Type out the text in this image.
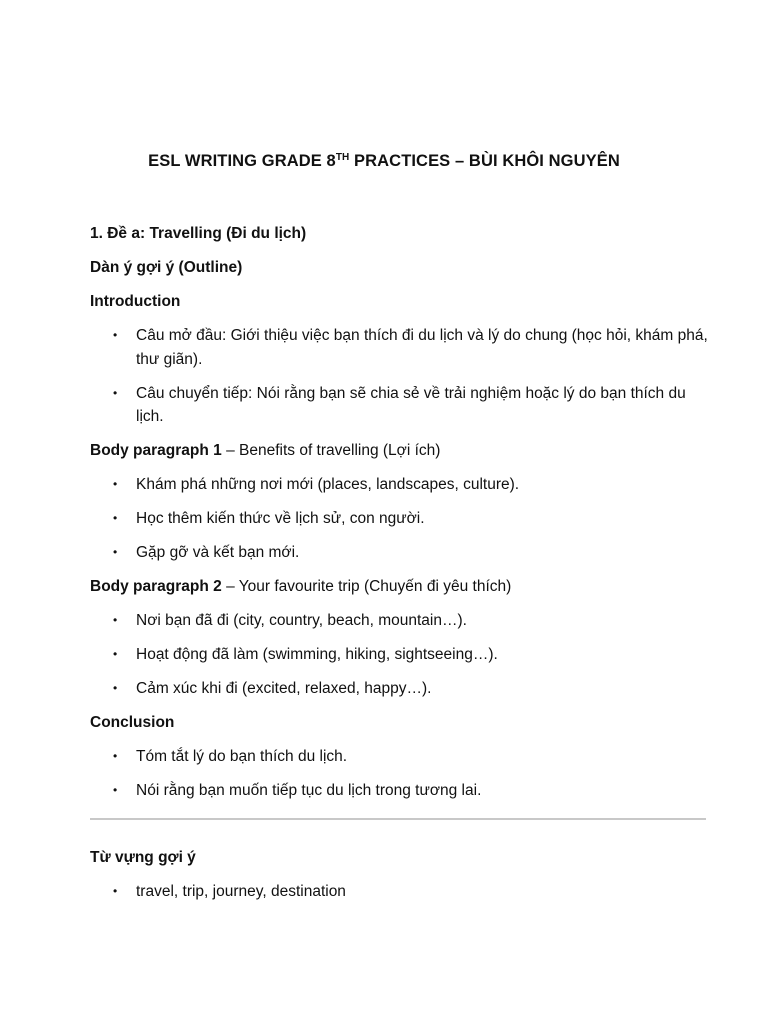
ESL WRITING GRADE 8TH PRACTICES – BÙI KHÔI NGUYÊN
1. Đề a: Travelling (Đi du lịch)
Dàn ý gợi ý (Outline)
Introduction
• Câu mở đầu: Giới thiệu việc bạn thích đi du lịch và lý do chung (học hỏi, khám phá, thư giãn).
• Câu chuyển tiếp: Nói rằng bạn sẽ chia sẻ về trải nghiệm hoặc lý do bạn thích du lịch.
Body paragraph 1 – Benefits of travelling (Lợi ích)
• Khám phá những nơi mới (places, landscapes, culture).
• Học thêm kiến thức về lịch sử, con người.
• Gặp gỡ và kết bạn mới.
Body paragraph 2 – Your favourite trip (Chuyến đi yêu thích)
• Nơi bạn đã đi (city, country, beach, mountain…).
• Hoạt động đã làm (swimming, hiking, sightseeing…).
• Cảm xúc khi đi (excited, relaxed, happy…).
Conclusion
• Tóm tắt lý do bạn thích du lịch.
• Nói rằng bạn muốn tiếp tục du lịch trong tương lai.
Từ vựng gợi ý
• travel, trip, journey, destination
